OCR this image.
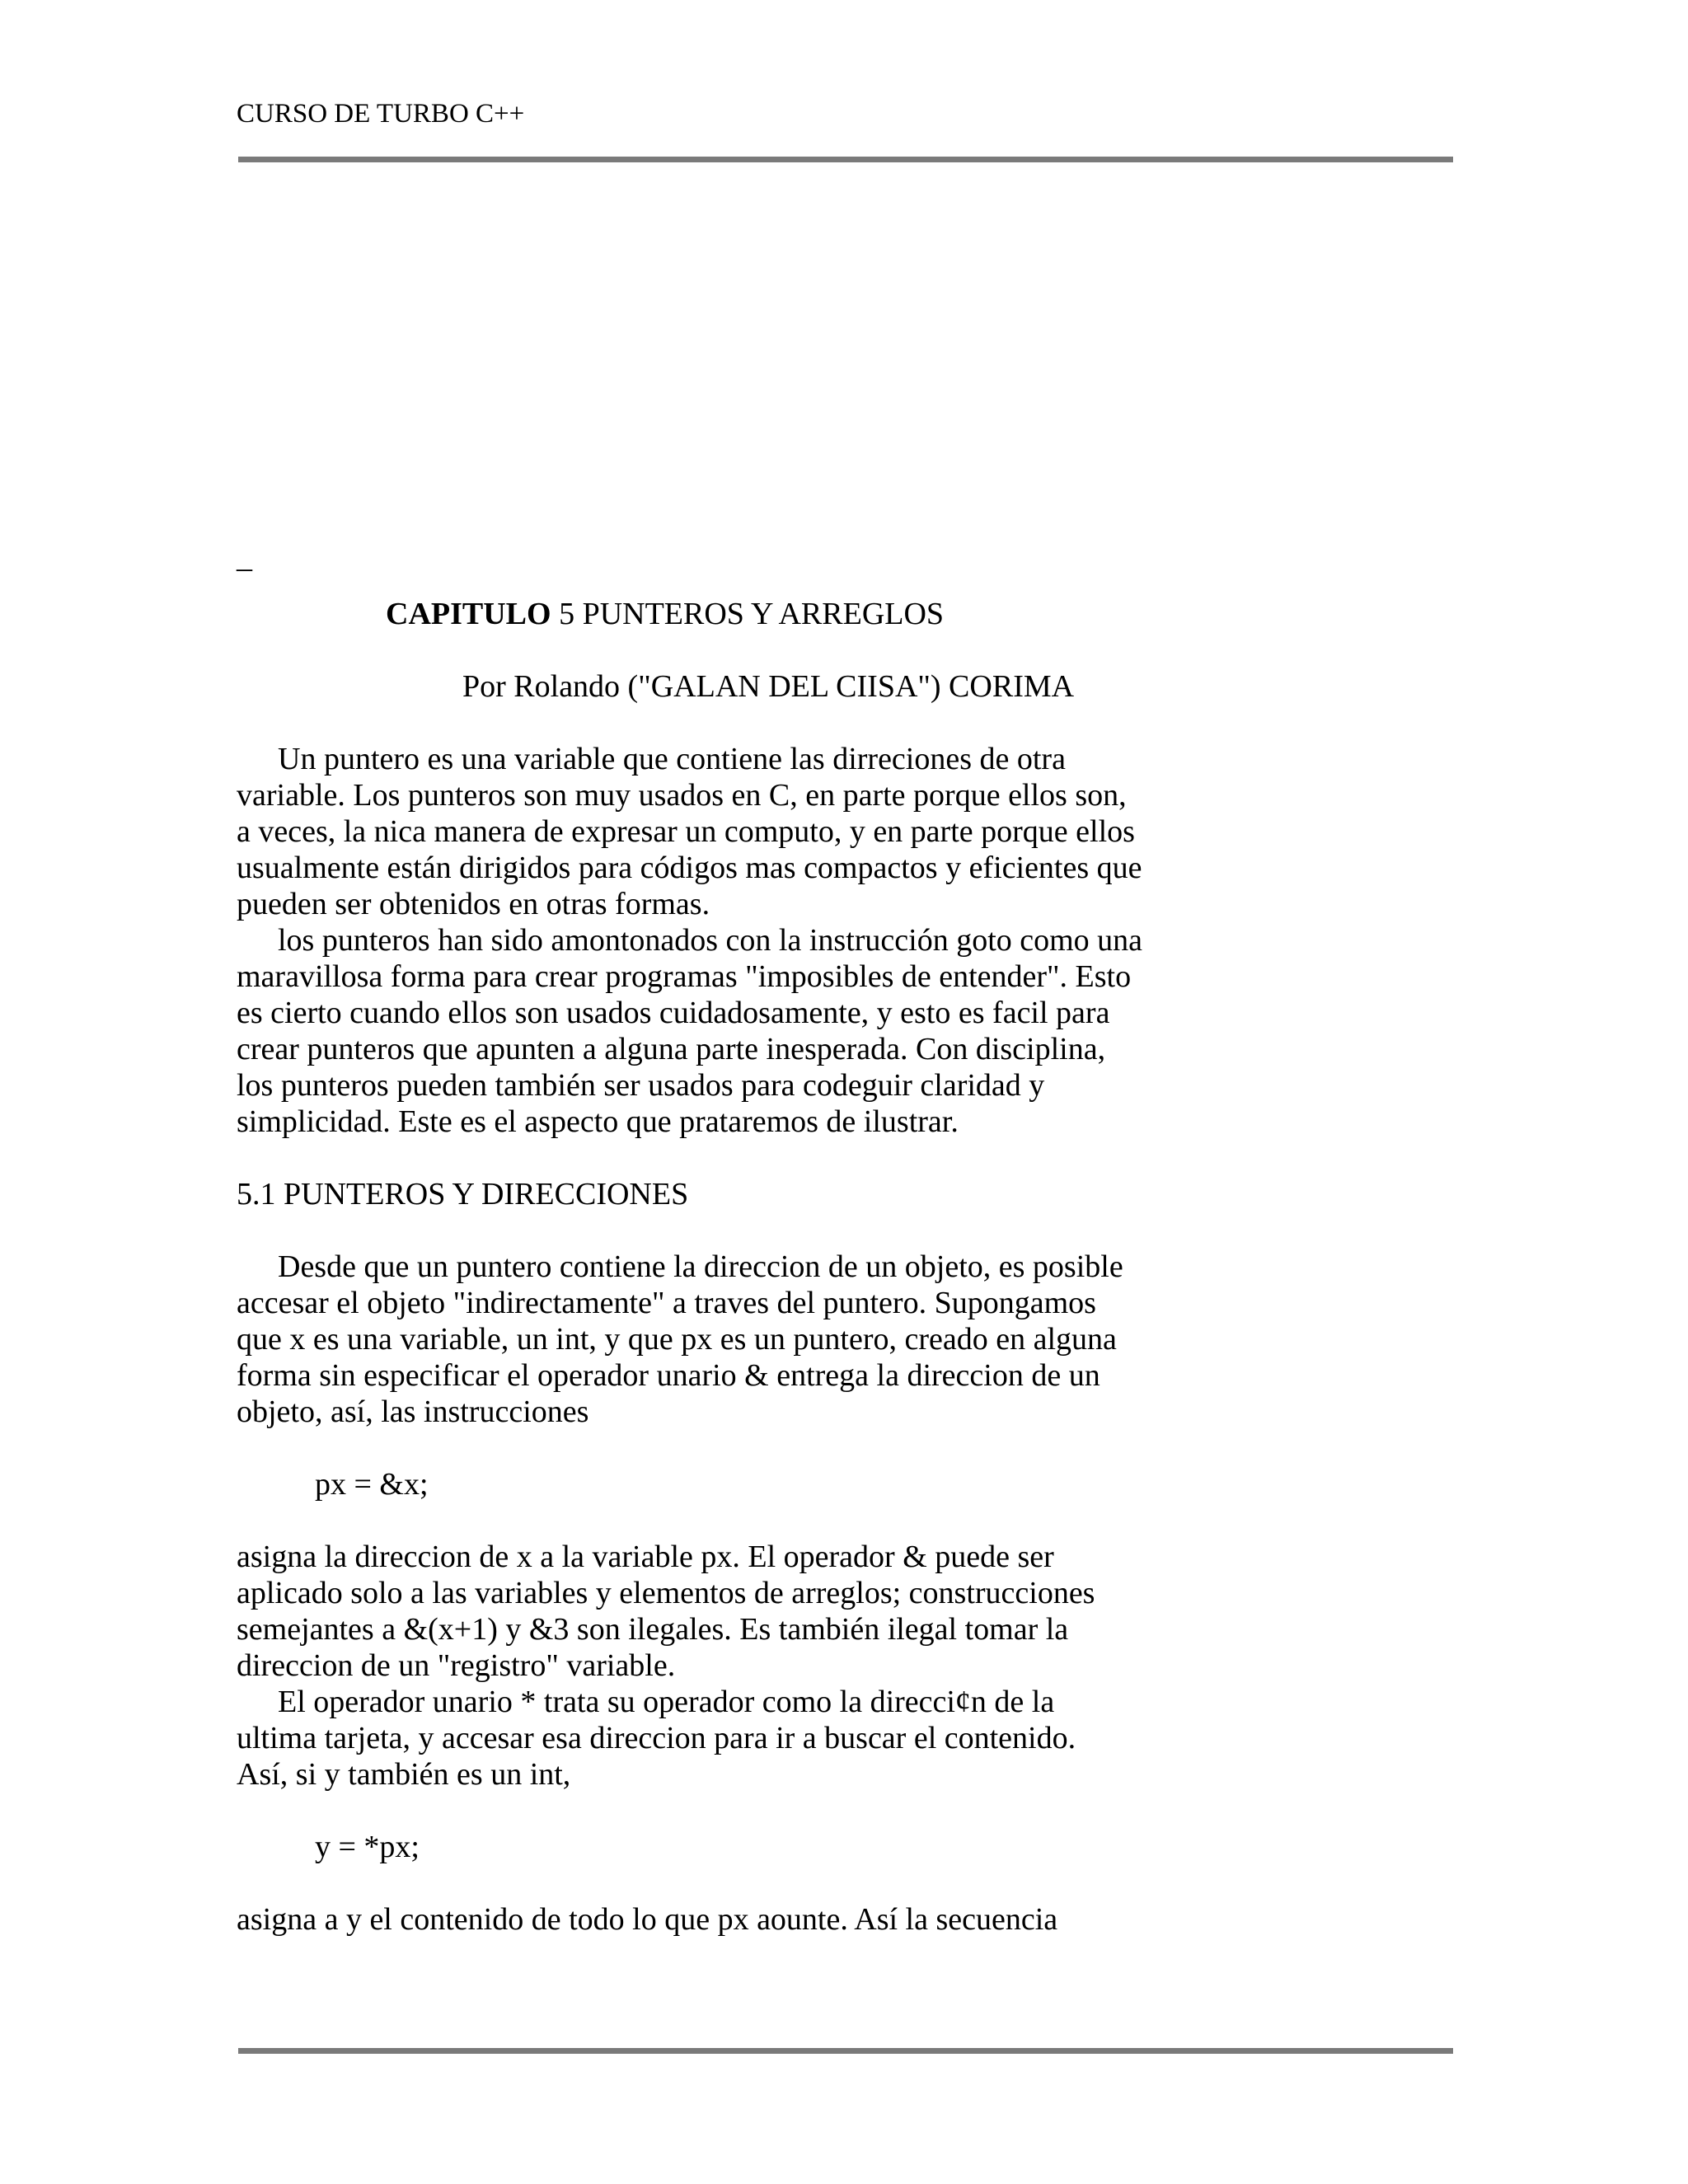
CURSO DE TURBO C++
_
CAPITULO 5 PUNTEROS Y ARREGLOS
Por Rolando ("GALAN DEL CIISA") CORIMA
Un puntero es una variable que contiene las dirreciones de otra
variable. Los punteros son muy usados en C, en parte porque ellos son,
a veces, la nica manera de expresar un computo, y en parte porque ellos
usualmente están dirigidos para códigos mas compactos y eficientes que
pueden ser obtenidos en otras formas.
los punteros han sido amontonados con la instrucción goto como una
maravillosa forma para crear programas "imposibles de entender". Esto
es cierto cuando ellos son usados cuidadosamente, y esto es facil para
crear punteros que apunten a alguna parte inesperada. Con disciplina,
los punteros pueden también ser usados para codeguir claridad y
simplicidad. Este es el aspecto que prataremos de ilustrar.
5.1 PUNTEROS Y DIRECCIONES
Desde que un puntero contiene la direccion de un objeto, es posible
accesar el objeto "indirectamente" a traves del puntero. Supongamos
que x es una variable, un int, y que px es un puntero, creado en alguna
forma sin especificar el operador unario & entrega la direccion de un
objeto, así, las instrucciones
px = &x;
asigna la direccion de x a la variable px. El operador & puede ser
aplicado solo a las variables y elementos de arreglos; construcciones
semejantes a &(x+1) y &3 son ilegales. Es también ilegal tomar la
direccion de un "registro" variable.
El operador unario * trata su operador como la direcci¢n de la
ultima tarjeta, y accesar esa direccion para ir a buscar el contenido.
Así, si y también es un int,
y = *px;
asigna a y el contenido de todo lo que px aounte. Así la secuencia
